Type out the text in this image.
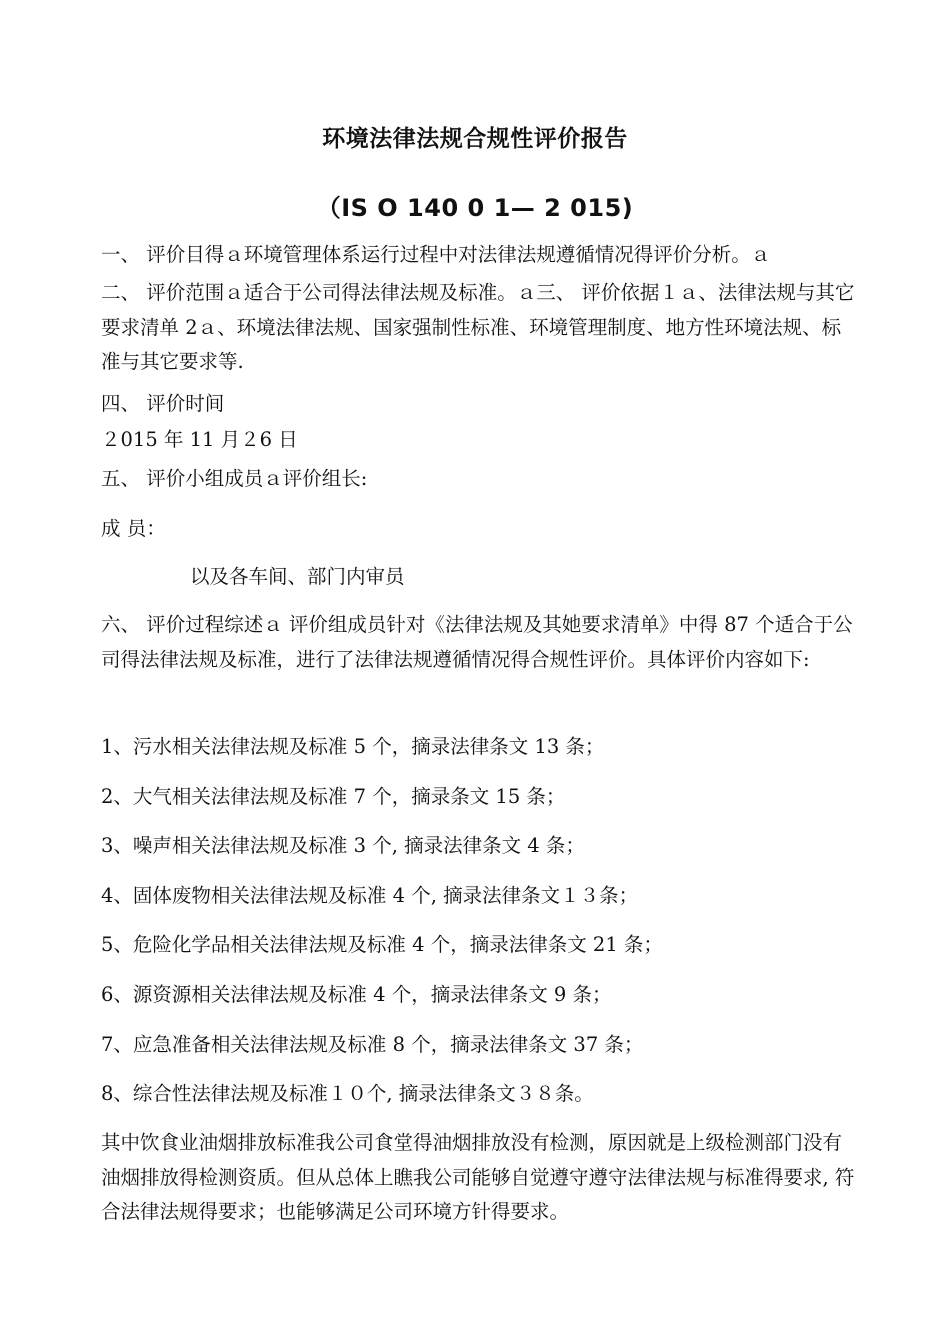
环境法律法规合规性评价报告
（IS O 140 0 1— 2 015)
一、 评价目得ａ环境管理体系运行过程中对法律法规遵循情况得评价分析。ａ
二、 评价范围ａ适合于公司得法律法规及标准。ａ三、 评价依据１ａ、法律法规与其它要求清单 2ａ、环境法律法规、国家强制性标准、环境管理制度、地方性环境法规、标准与其它要求等.
四、 评价时间
２015 年 11 月２6 日
五、 评价小组成员ａ评价组长:
成 员：
以及各车间、部门内审员
六、 评价过程综述ａ 评价组成员针对《法律法规及其她要求清单》中得 87 个适合于公司得法律法规及标准，进行了法律法规遵循情况得合规性评价。具体评价内容如下:
1、污水相关法律法规及标准 5 个，摘录法律条文 13 条；
2、大气相关法律法规及标准 7 个，摘录条文 15 条；
3、噪声相关法律法规及标准 3 个, 摘录法律条文 4 条；
4、固体废物相关法律法规及标准 4 个, 摘录法律条文１３条；
5、危险化学品相关法律法规及标准 4 个，摘录法律条文 21 条；
6、源资源相关法律法规及标准 4 个，摘录法律条文 9 条；
7、应急准备相关法律法规及标准 8 个，摘录法律条文 37 条；
8、综合性法律法规及标准１０个, 摘录法律条文３８条。
其中饮食业油烟排放标准我公司食堂得油烟排放没有检测，原因就是上级检测部门没有油烟排放得检测资质。但从总体上瞧我公司能够自觉遵守遵守法律法规与标准得要求, 符合法律法规得要求；也能够满足公司环境方针得要求。
